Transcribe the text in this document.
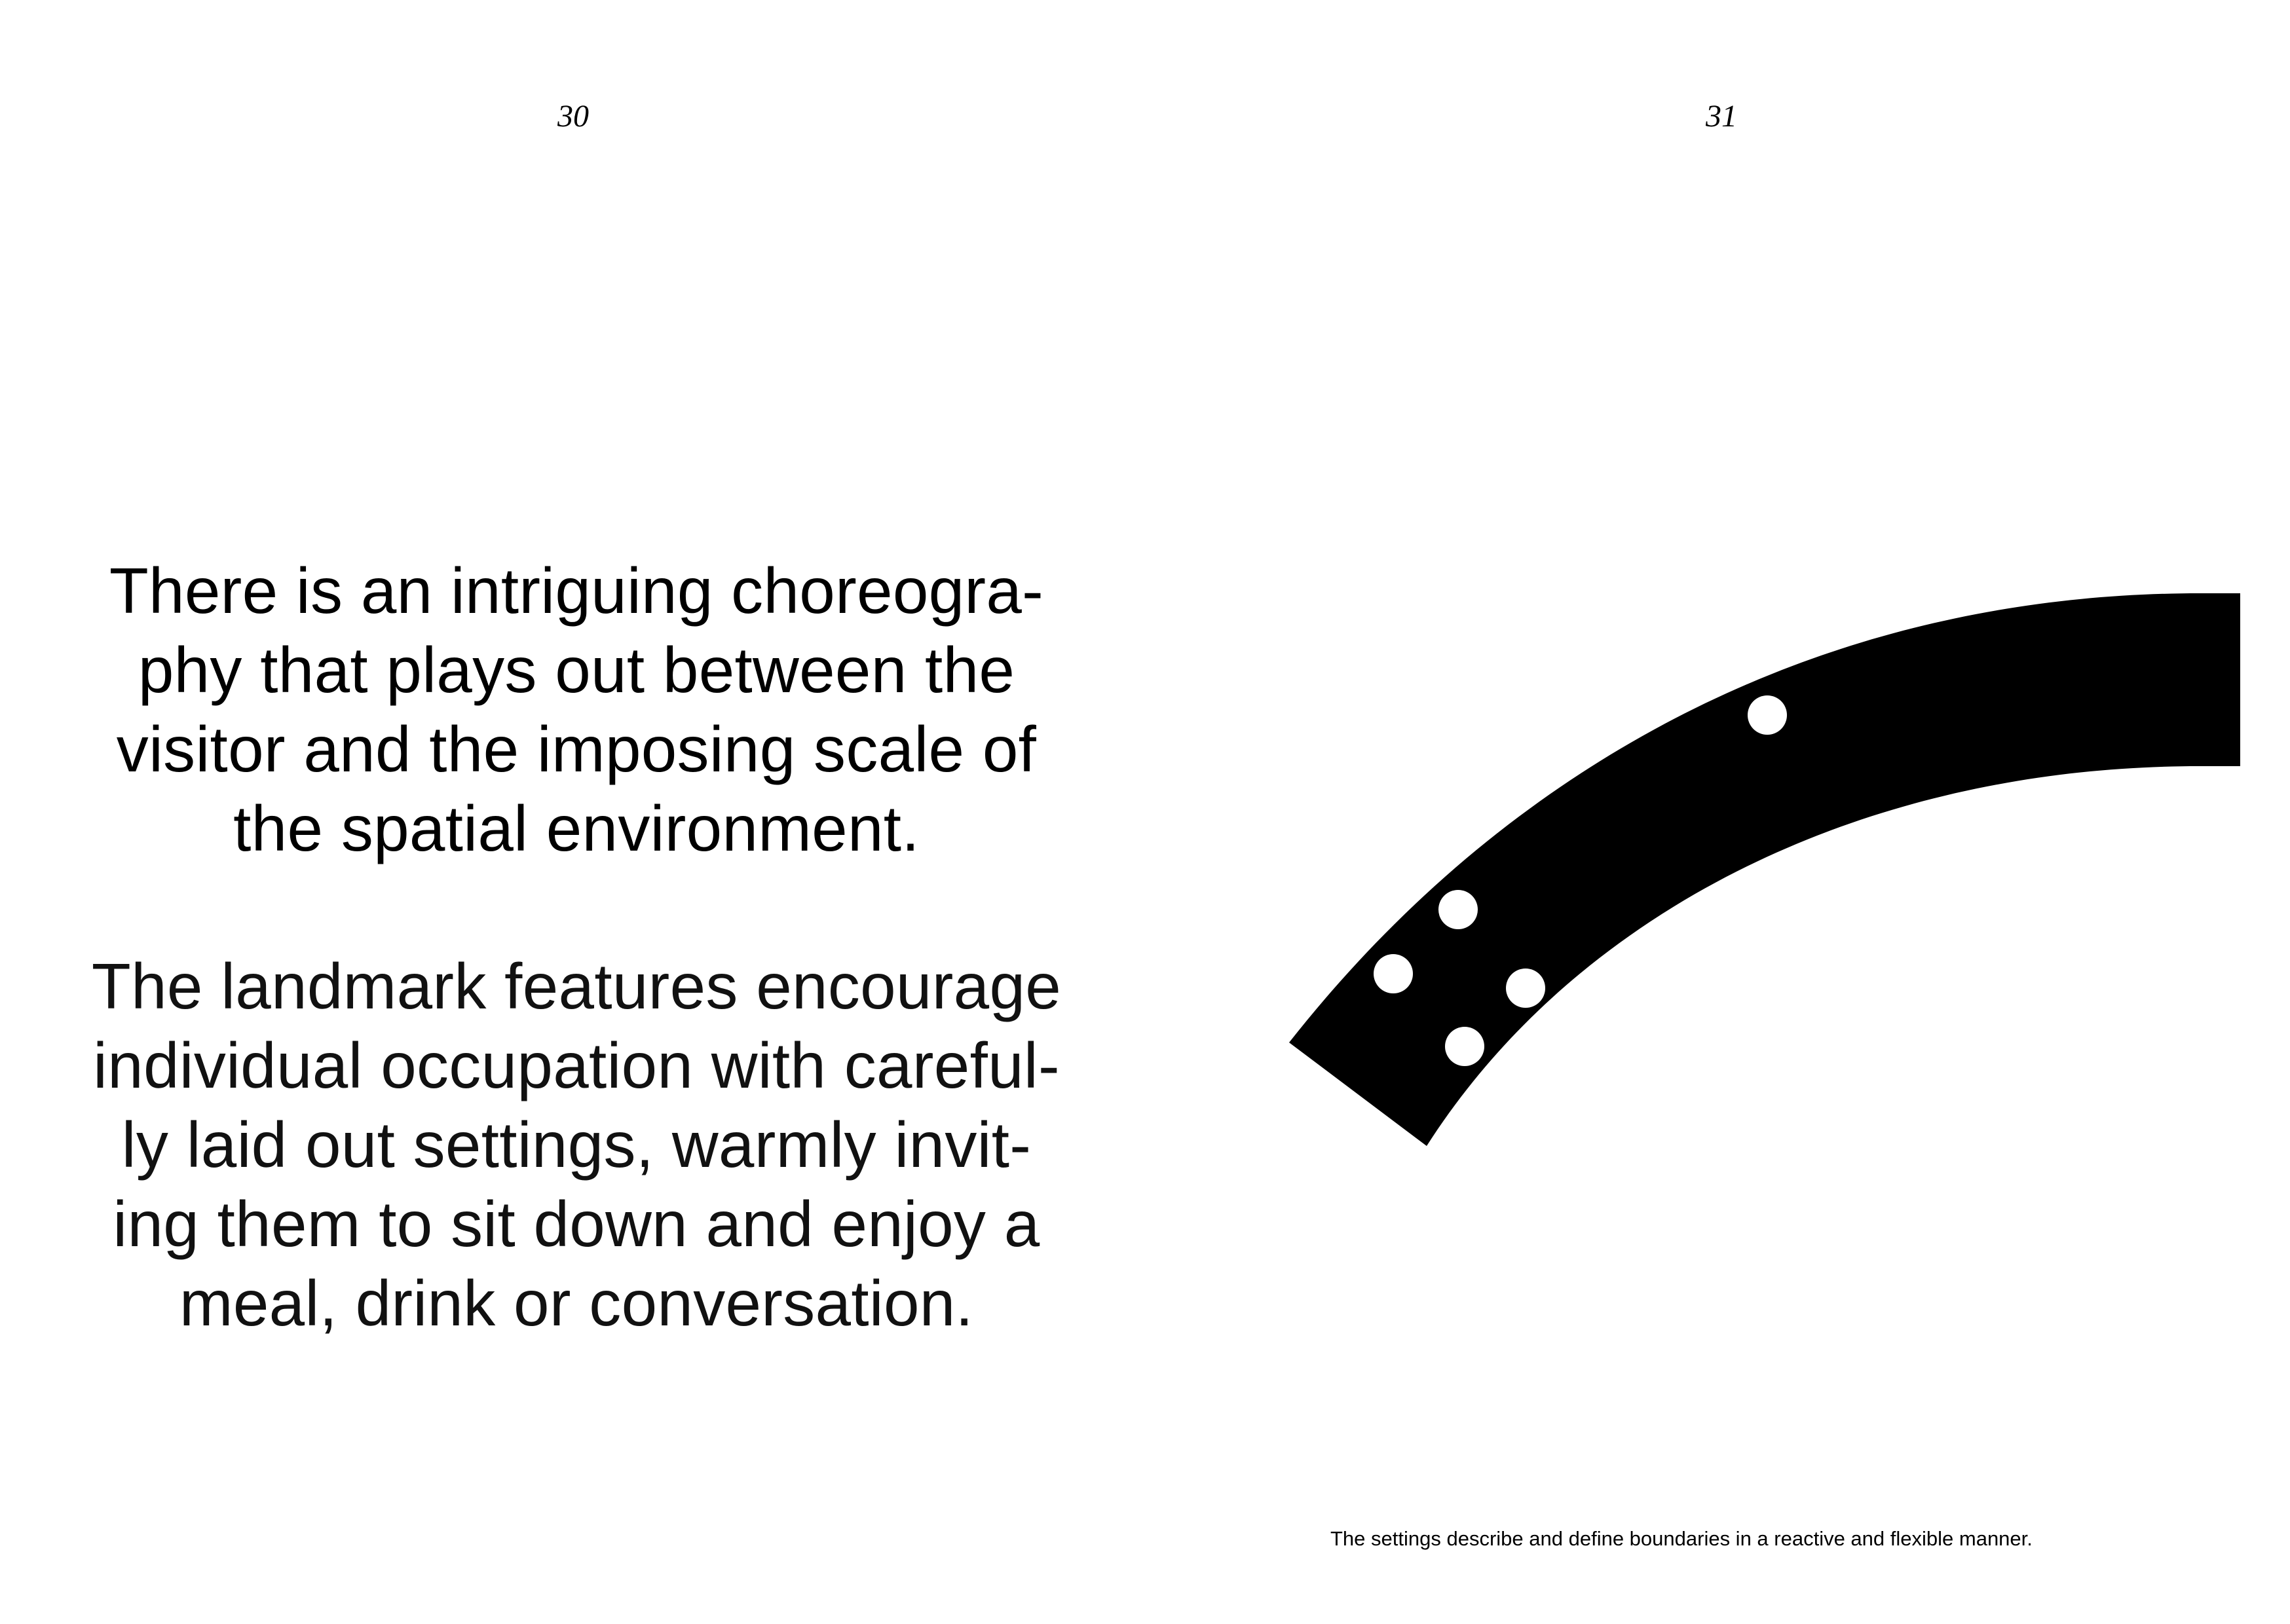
30
There is an intriguing choreogra-
phy that plays out between the
visitor and the imposing scale of
the spatial environment.
The landmark features encourage
individual occupation with careful-
ly laid out settings, warmly invit-
ing them to sit down and enjoy a
meal, drink or conversation.
31
The settings describe and define boundaries in a reactive and flexible manner.
